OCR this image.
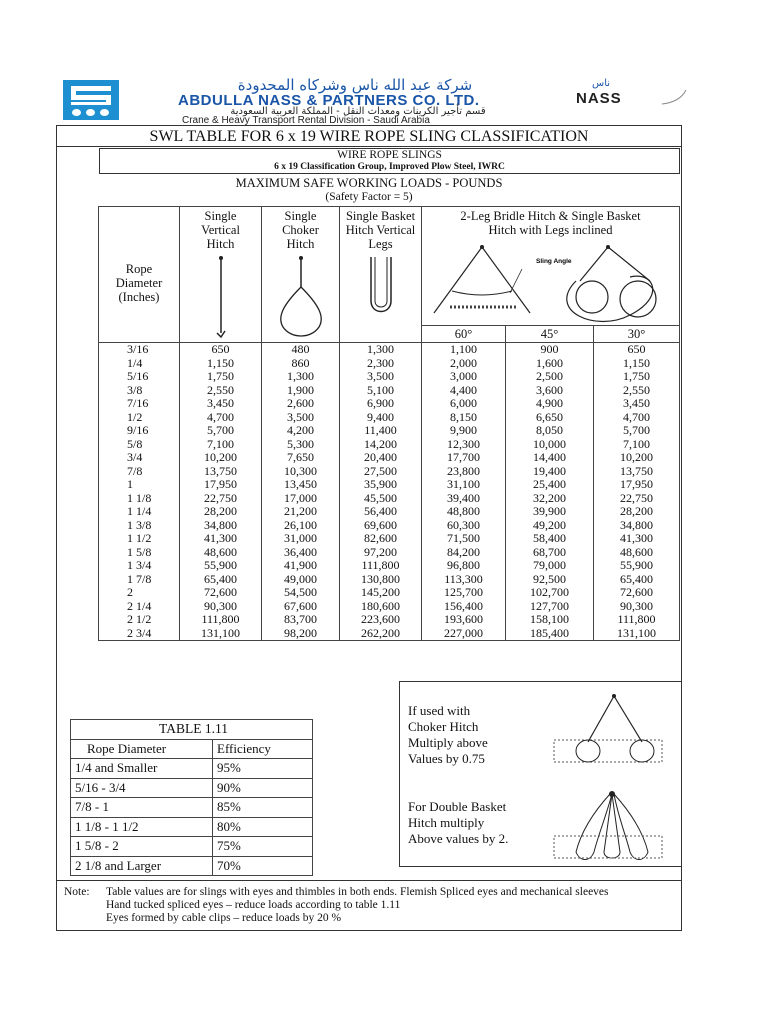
شركة عبد الله ناس وشركاه المحدودة
ABDULLA NASS & PARTNERS CO. LTD.
قسم تأجير الكرينات ومعدات النقل - المملكة العربية السعودية
Crane & Heavy Transport Rental Division - Saudi Arabia
ناس
NASS
SWL TABLE FOR 6 x 19 WIRE ROPE SLING CLASSIFICATION
WIRE ROPE SLINGS
6 x 19 Classification Group, Improved Plow Steel, IWRC
MAXIMUM SAFE WORKING LOADS - POUNDS
(Safety Factor = 5)
Rope Diameter (Inches)	Single Vertical Hitch	Single Choker Hitch	Single Basket Hitch Vertical Legs	2-Leg Bridle Hitch & Single Basket Hitch with Legs inclined
Sling Angle		

				60°	45°	30°
3/16	650	480	1,300	1,100	900	650
1/4	1,150	860	2,300	2,000	1,600	1,150
5/16	1,750	1,300	3,500	3,000	2,500	1,750
3/8	2,550	1,900	5,100	4,400	3,600	2,550
7/16	3,450	2,600	6,900	6,000	4,900	3,450
1/2	4,700	3,500	9,400	8,150	6,650	4,700
9/16	5,700	4,200	11,400	9,900	8,050	5,700
5/8	7,100	5,300	14,200	12,300	10,000	7,100
3/4	10,200	7,650	20,400	17,700	14,400	10,200
7/8	13,750	10,300	27,500	23,800	19,400	13,750
1	17,950	13,450	35,900	31,100	25,400	17,950
1 1/8	22,750	17,000	45,500	39,400	32,200	22,750
1 1/4	28,200	21,200	56,400	48,800	39,900	28,200
1 3/8	34,800	26,100	69,600	60,300	49,200	34,800
1 1/2	41,300	31,000	82,600	71,500	58,400	41,300
1 5/8	48,600	36,400	97,200	84,200	68,700	48,600
1 3/4	55,900	41,900	111,800	96,800	79,000	55,900
1 7/8	65,400	49,000	130,800	113,300	92,500	65,400
2	72,600	54,500	145,200	125,700	102,700	72,600
2 1/4	90,300	67,600	180,600	156,400	127,700	90,300
2 1/2	111,800	83,700	223,600	193,600	158,100	111,800
2 3/4	131,100	98,200	262,200	227,000	185,400	131,100
TABLE 1.11	
Rope Diameter	Efficiency
1/4 and Smaller	95%
5/16 - 3/4	90%
7/8 - 1	85%
1 1/8 - 1 1/2	80%
1 5/8 - 2	75%
2 1/8 and Larger	70%
If used with
Choker Hitch
Multiply above
Values by 0.75
For Double Basket
Hitch multiply
Above values by 2.
Note: Table values are for slings with eyes and thimbles in both ends. Flemish Spliced eyes and mechanical sleeves
Hand tucked spliced eyes – reduce loads according to table 1.11
Eyes formed by cable clips – reduce loads by 20 %
